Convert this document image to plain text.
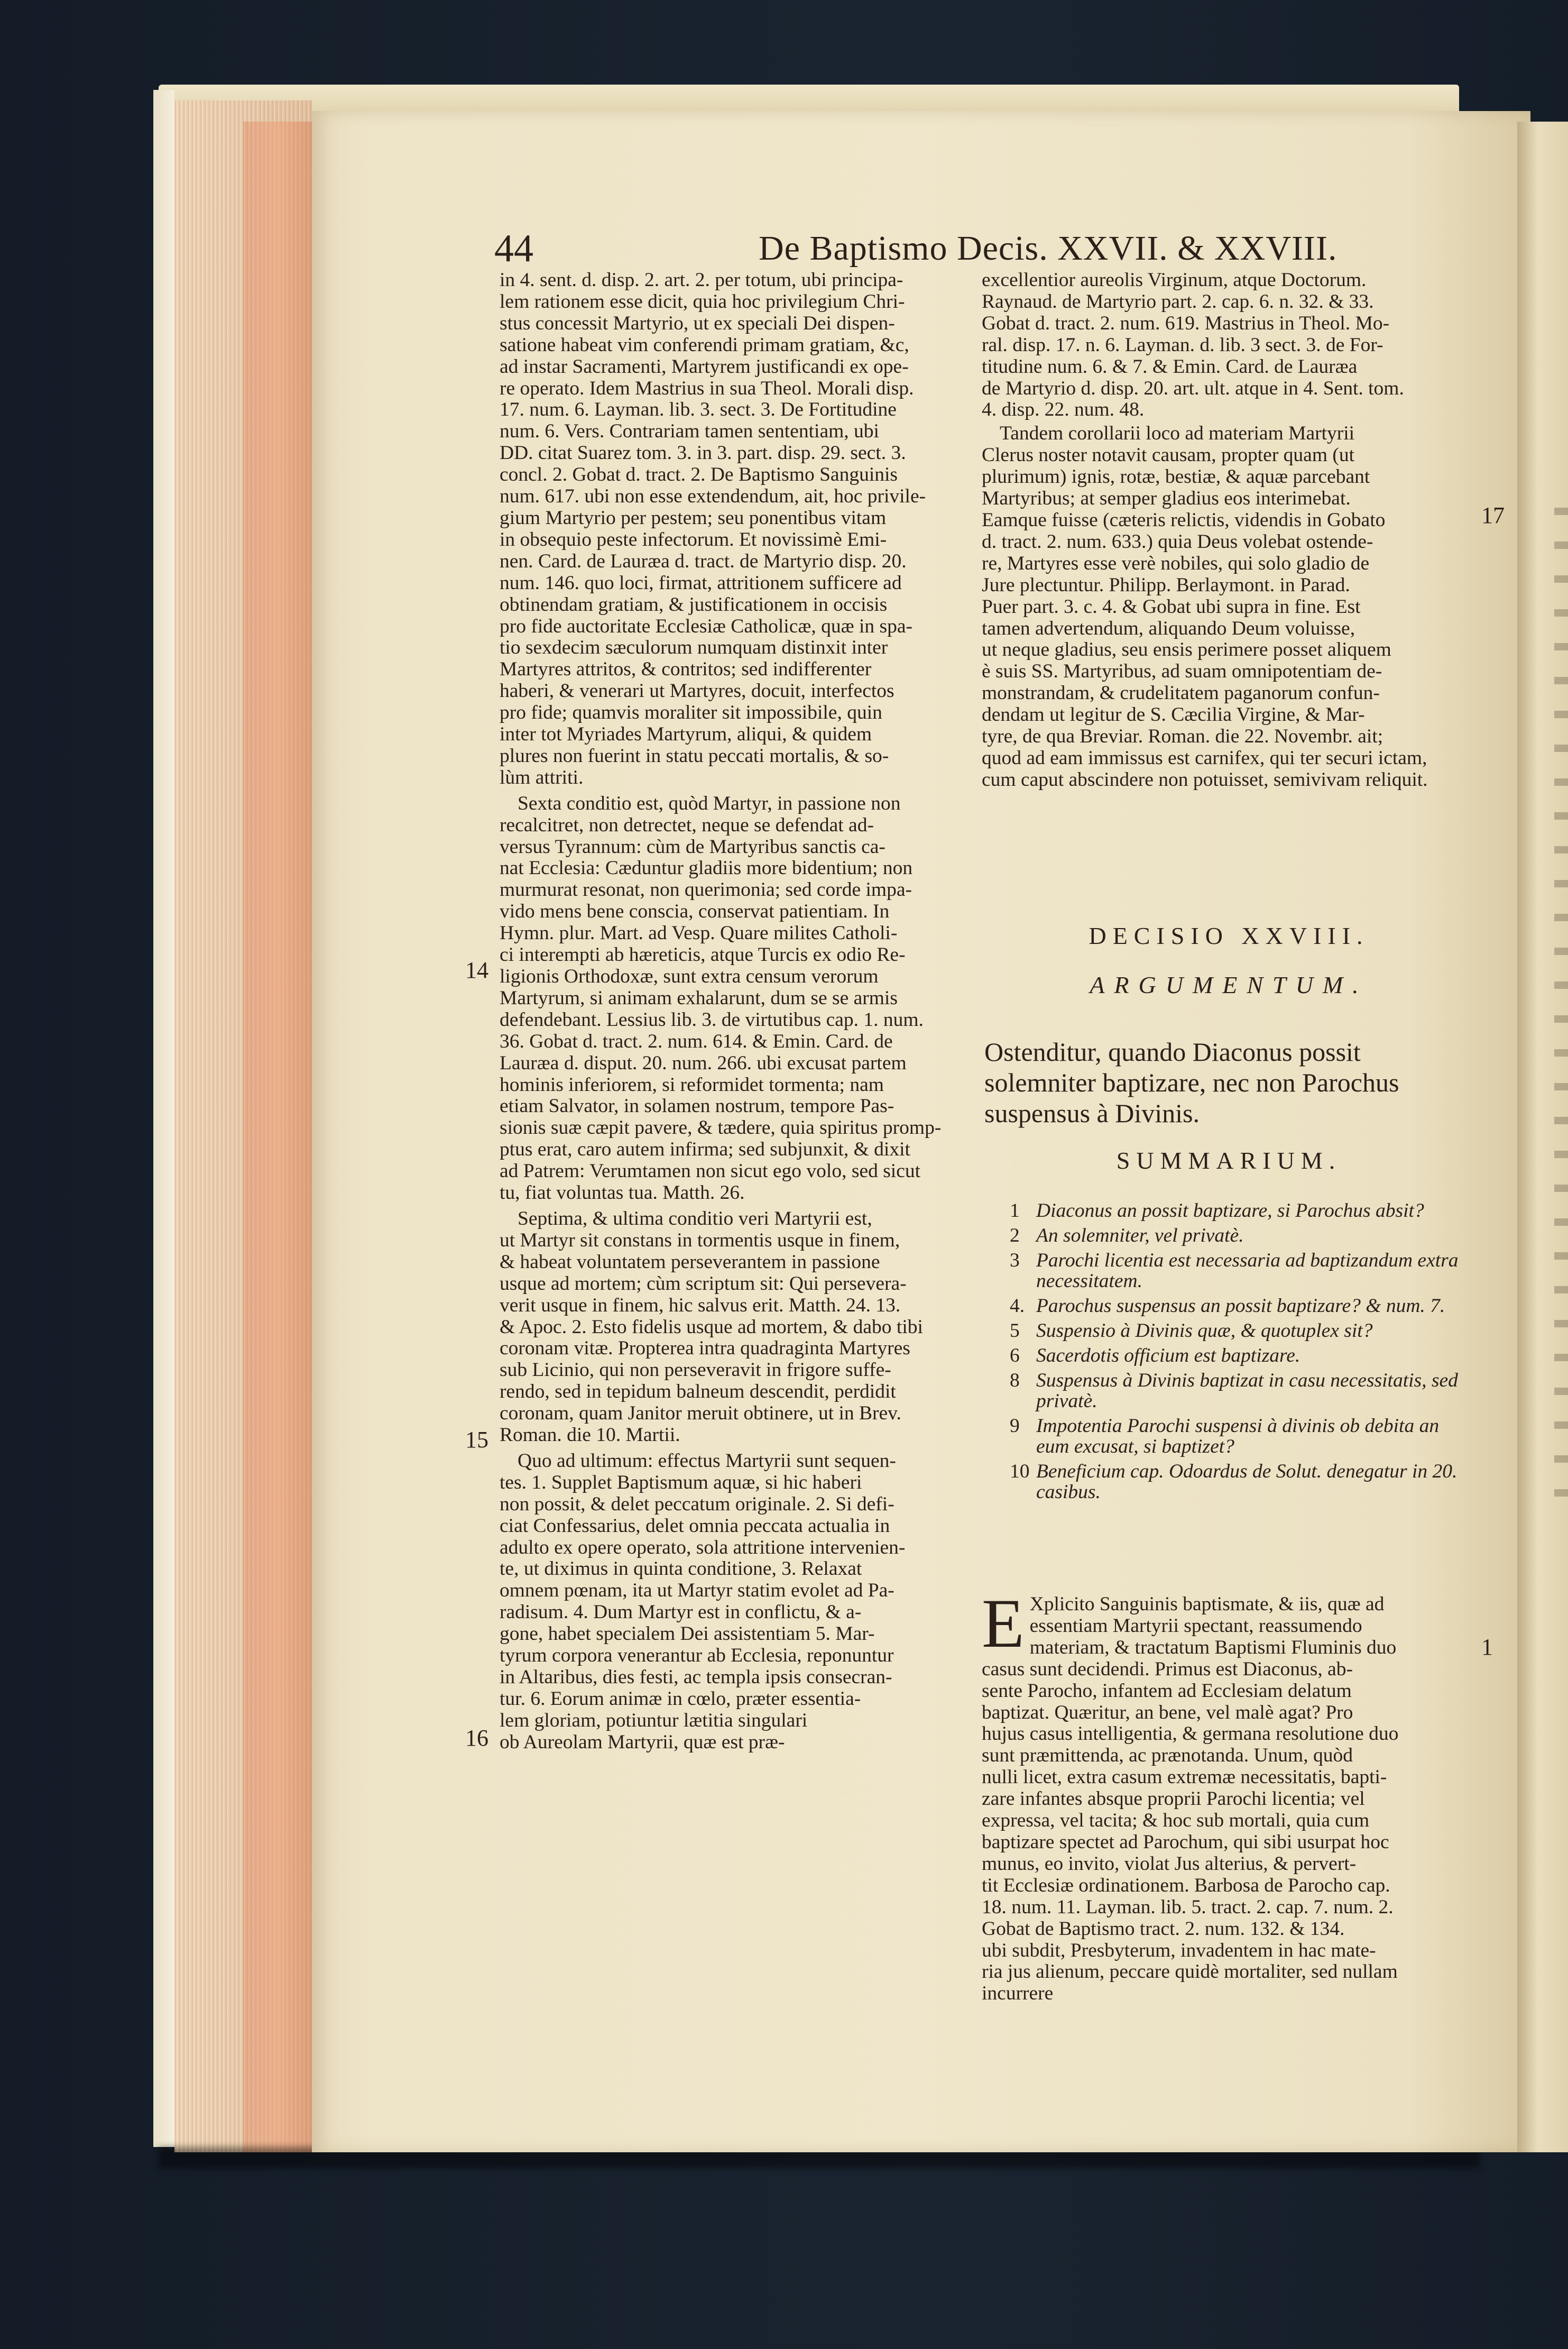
44	De Baptismo Decis. XXVII. & XXVIII.
in 4. sent. d. disp. 2. art. 2. per totum, ubi principa-
lem rationem esse dicit, quia hoc privilegium Chri-
stus concessit Martyrio, ut ex speciali Dei dispen-
satione habeat vim conferendi primam gratiam, &c,
ad instar Sacramenti, Martyrem justificandi ex ope-
re operato. Idem Mastrius in sua Theol. Morali disp.
17. num. 6. Layman. lib. 3. sect. 3. De Fortitudine
num. 6. Vers. Contrariam tamen sententiam, ubi
DD. citat Suarez tom. 3. in 3. part. disp. 29. sect. 3.
concl. 2. Gobat d. tract. 2. De Baptismo Sanguinis
num. 617. ubi non esse extendendum, ait, hoc privile-
gium Martyrio per pestem; seu ponentibus vitam
in obsequio peste infectorum. Et novissimè Emi-
nen. Card. de Lauræa d. tract. de Martyrio disp. 20.
num. 146. quo loci, firmat, attritionem sufficere ad
obtinendam gratiam, & justificationem in occisis
pro fide auctoritate Ecclesiæ Catholicæ, quæ in spa-
tio sexdecim sæculorum numquam distinxit inter
Martyres attritos, & contritos; sed indifferenter
haberi, & venerari ut Martyres, docuit, interfectos
pro fide; quamvis moraliter sit impossibile, quin
inter tot Myriades Martyrum, aliqui, & quidem
plures non fuerint in statu peccati mortalis, & so-
lùm attriti.
Sexta conditio est, quòd Martyr, in passione non
recalcitret, non detrectet, neque se defendat ad-
versus Tyrannum: cùm de Martyribus sanctis ca-
nat Ecclesia: Cæduntur gladiis more bidentium; non
murmurat resonat, non querimonia; sed corde impa-
vido mens bene conscia, conservat patientiam. In
Hymn. plur. Mart. ad Vesp. Quare milites Catholi-
ci interempti ab hæreticis, atque Turcis ex odio Re-
ligionis Orthodoxæ, sunt extra censum verorum
Martyrum, si animam exhalarunt, dum se se armis
defendebant. Lessius lib. 3. de virtutibus cap. 1. num.
36. Gobat d. tract. 2. num. 614. & Emin. Card. de
Lauræa d. disput. 20. num. 266. ubi excusat partem
hominis inferiorem, si reformidet tormenta; nam
etiam Salvator, in solamen nostrum, tempore Pas-
sionis suæ cæpit pavere, & tædere, quia spiritus promp-
ptus erat, caro autem infirma; sed subjunxit, & dixit
ad Patrem: Verumtamen non sicut ego volo, sed sicut
tu, fiat voluntas tua. Matth. 26.
Septima, & ultima conditio veri Martyrii est,
ut Martyr sit constans in tormentis usque in finem,
& habeat voluntatem perseverantem in passione
usque ad mortem; cùm scriptum sit: Qui persevera-
verit usque in finem, hic salvus erit. Matth. 24. 13.
& Apoc. 2. Esto fidelis usque ad mortem, & dabo tibi
coronam vitæ. Propterea intra quadraginta Martyres
sub Licinio, qui non perseveravit in frigore suffe-
rendo, sed in tepidum balneum descendit, perdidit
coronam, quam Janitor meruit obtinere, ut in Brev.
Roman. die 10. Martii.
Quo ad ultimum: effectus Martyrii sunt sequen-
tes. 1. Supplet Baptismum aquæ, si hic haberi
non possit, & delet peccatum originale. 2. Si defi-
ciat Confessarius, delet omnia peccata actualia in
adulto ex opere operato, sola attritione intervenien-
te, ut diximus in quinta conditione, 3. Relaxat
omnem pœnam, ita ut Martyr statim evolet ad Pa-
radisum. 4. Dum Martyr est in conflictu, & a-
gone, habet specialem Dei assistentiam 5. Mar-
tyrum corpora venerantur ab Ecclesia, reponuntur
in Altaribus, dies festi, ac templa ipsis consecran-
tur. 6. Eorum animæ in cœlo, præter essentia-
lem gloriam, potiuntur lætitia singulari
ob Aureolam Martyrii, quæ est præ-
14
15
16
17
1
excellentior aureolis Virginum, atque Doctorum.
Raynaud. de Martyrio part. 2. cap. 6. n. 32. & 33.
Gobat d. tract. 2. num. 619. Mastrius in Theol. Mo-
ral. disp. 17. n. 6. Layman. d. lib. 3 sect. 3. de For-
titudine num. 6. & 7. & Emin. Card. de Lauræa
de Martyrio d. disp. 20. art. ult. atque in 4. Sent. tom.
4. disp. 22. num. 48.
Tandem corollarii loco ad materiam Martyrii
Clerus noster notavit causam, propter quam (ut
plurimum) ignis, rotæ, bestiæ, & aquæ parcebant
Martyribus; at semper gladius eos interimebat.
Eamque fuisse (cæteris relictis, videndis in Gobato
d. tract. 2. num. 633.) quia Deus volebat ostende-
re, Martyres esse verè nobiles, qui solo gladio de
Jure plectuntur. Philipp. Berlaymont. in Parad.
Puer part. 3. c. 4. & Gobat ubi supra in fine. Est
tamen advertendum, aliquando Deum voluisse,
ut neque gladius, seu ensis perimere posset aliquem
è suis SS. Martyribus, ad suam omnipotentiam de-
monstrandam, & crudelitatem paganorum confun-
dendam ut legitur de S. Cæcilia Virgine, & Mar-
tyre, de qua Breviar. Roman. die 22. Novembr. ait;
quod ad eam immissus est carnifex, qui ter securi ictam,
cum caput abscindere non potuisset, semivivam reliquit.
DECISIO XXVIII.
ARGUMENTUM.
Ostenditur, quando Diaconus possit solemniter baptizare, nec non Parochus suspensus à Divinis.
SUMMARIUM.
1 Diaconus an possit baptizare, si Parochus absit?
2 An solemniter, vel privatè.
3 Parochi licentia est necessaria ad baptizandum extra necessitatem.
4. Parochus suspensus an possit baptizare? & num. 7.
5 Suspensio à Divinis quæ, & quotuplex sit?
6 Sacerdotis officium est baptizare.
8 Suspensus à Divinis baptizat in casu necessitatis, sed privatè.
9 Impotentia Parochi suspensi à divinis ob debita an eum excusat, si baptizet?
10 Beneficium cap. Odoardus de Solut. denegatur in 20. casibus.
E Xplicito Sanguinis baptismate, & iis, quæ ad
essentiam Martyrii spectant, reassumendo
materiam, & tractatum Baptismi Fluminis duo
casus sunt decidendi. Primus est Diaconus, ab-
sente Parocho, infantem ad Ecclesiam delatum
baptizat. Quæritur, an bene, vel malè agat? Pro
hujus casus intelligentia, & germana resolutione duo
sunt præmittenda, ac prænotanda. Unum, quòd
nulli licet, extra casum extremæ necessitatis, bapti-
zare infantes absque proprii Parochi licentia; vel
expressa, vel tacita; & hoc sub mortali, quia cum
baptizare spectet ad Parochum, qui sibi usurpat hoc
munus, eo invito, violat Jus alterius, & pervert-
tit Ecclesiæ ordinationem. Barbosa de Parocho cap.
18. num. 11. Layman. lib. 5. tract. 2. cap. 7. num. 2.
Gobat de Baptismo tract. 2. num. 132. & 134.
ubi subdit, Presbyterum, invadentem in hac mate-
ria jus alienum, peccare quidè mortaliter, sed nullam
incurrere
